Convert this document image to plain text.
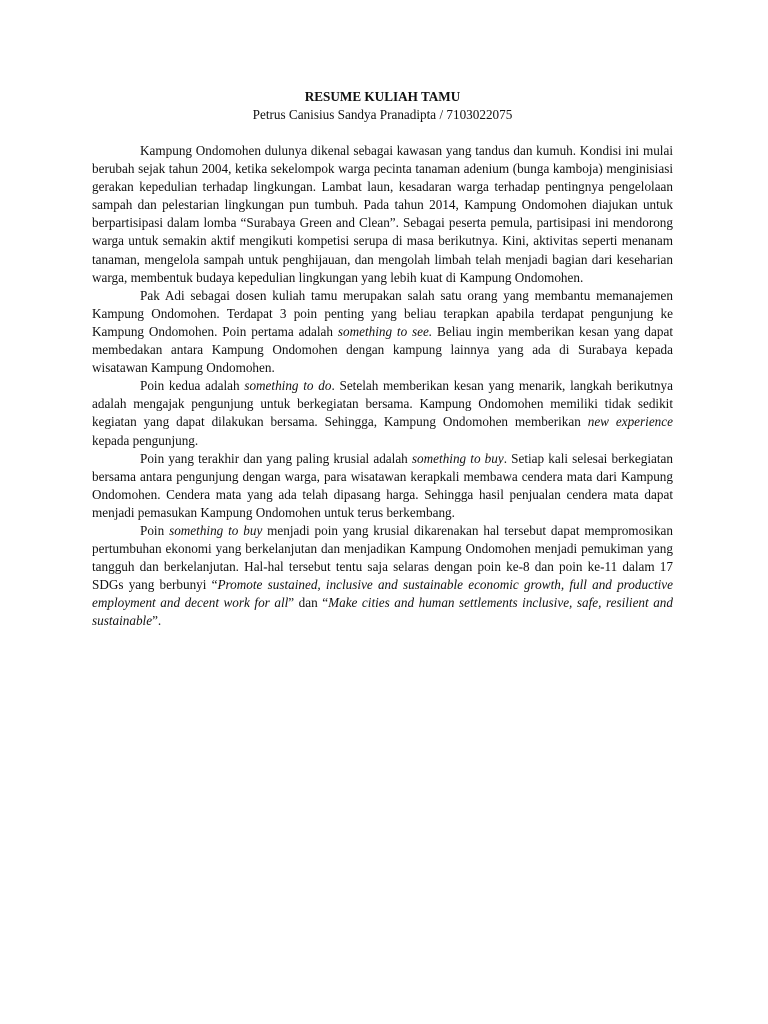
RESUME KULIAH TAMU

Petrus Canisius Sandya Pranadipta / 7103022075

Kampung Ondomohen dulunya dikenal sebagai kawasan yang tandus dan kumuh. Kondisi ini mulai berubah sejak tahun 2004, ketika sekelompok warga pecinta tanaman adenium (bunga kamboja) menginisiasi gerakan kepedulian terhadap lingkungan. Lambat laun, kesadaran warga terhadap pentingnya pengelolaan sampah dan pelestarian lingkungan pun tumbuh. Pada tahun 2014, Kampung Ondomohen diajukan untuk berpartisipasi dalam lomba “Surabaya Green and Clean”. Sebagai peserta pemula, partisipasi ini mendorong warga untuk semakin aktif mengikuti kompetisi serupa di masa berikutnya. Kini, aktivitas seperti menanam tanaman, mengelola sampah untuk penghijauan, dan mengolah limbah telah menjadi bagian dari keseharian warga, membentuk budaya kepedulian lingkungan yang lebih kuat di Kampung Ondomohen.

Pak Adi sebagai dosen kuliah tamu merupakan salah satu orang yang membantu memanajemen Kampung Ondomohen. Terdapat 3 poin penting yang beliau terapkan apabila terdapat pengunjung ke Kampung Ondomohen. Poin pertama adalah something to see. Beliau ingin memberikan kesan yang dapat membedakan antara Kampung Ondomohen dengan kampung lainnya yang ada di Surabaya kepada wisatawan Kampung Ondomohen.

Poin kedua adalah something to do. Setelah memberikan kesan yang menarik, langkah berikutnya adalah mengajak pengunjung untuk berkegiatan bersama. Kampung Ondomohen memiliki tidak sedikit kegiatan yang dapat dilakukan bersama. Sehingga, Kampung Ondomohen memberikan new experience kepada pengunjung.

Poin yang terakhir dan yang paling krusial adalah something to buy. Setiap kali selesai berkegiatan bersama antara pengunjung dengan warga, para wisatawan kerapkali membawa cendera mata dari Kampung Ondomohen. Cendera mata yang ada telah dipasang harga. Sehingga hasil penjualan cendera mata dapat menjadi pemasukan Kampung Ondomohen untuk terus berkembang.

Poin something to buy menjadi poin yang krusial dikarenakan hal tersebut dapat mempromosikan pertumbuhan ekonomi yang berkelanjutan dan menjadikan Kampung Ondomohen menjadi pemukiman yang tangguh dan berkelanjutan. Hal-hal tersebut tentu saja selaras dengan poin ke-8 dan poin ke-11 dalam 17 SDGs yang berbunyi “Promote sustained, inclusive and sustainable economic growth, full and productive employment and decent work for all” dan “Make cities and human settlements inclusive, safe, resilient and sustainable”.
